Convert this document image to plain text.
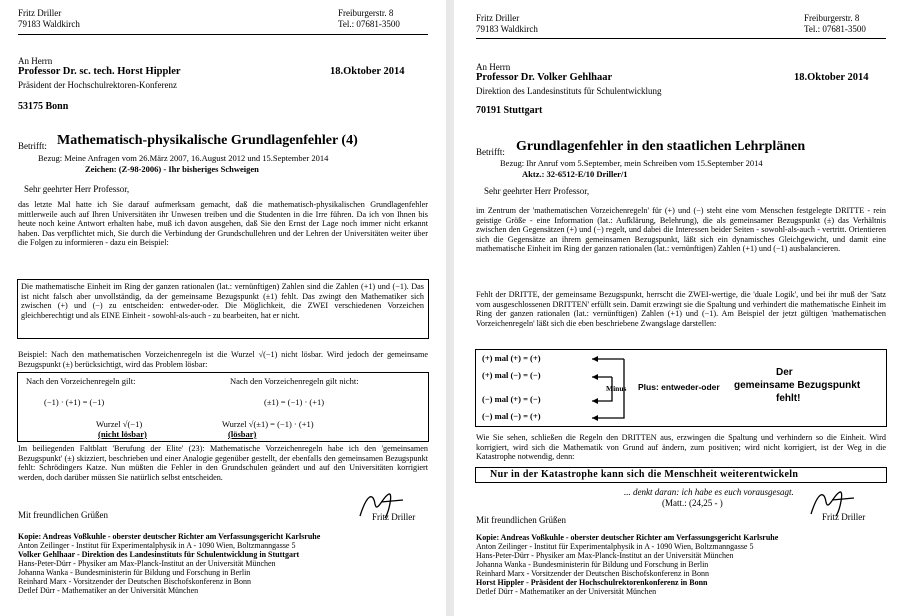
Fritz Driller
79183 Waldkirch
Freiburgerstr. 8
Tel.: 07681-3500
An Herrn
Professor Dr. sc. tech. Horst Hippler	18.Oktober 2014
Präsident der Hochschulrektoren-Konferenz
53175 Bonn
Betrifft: Mathematisch-physikalische Grundlagenfehler (4)
Bezug: Meine Anfragen vom 26.März 2007, 16.August 2012 und 15.September 2014
Zeichen: (Z-98-2006) - Ihr bisheriges Schweigen
Sehr geehrter Herr Professor,
das letzte Mal hatte ich Sie darauf aufmerksam gemacht, daß die mathematisch-physikalischen Grundlagenfehler mittlerweile auch auf Ihren Universitäten ihr Unwesen treiben und die Studenten in die Irre führen. Da ich von Ihnen bis heute noch keine Antwort erhalten habe, muß ich davon ausgehen, daß Sie den Ernst der Lage noch immer nicht erkannt haben. Das verpflichtet mich, Sie durch die Verbindung der Grundschullehren und der Lehren der Universitäten weiter über die Folgen zu informieren - dazu ein Beispiel:
Die mathematische Einheit im Ring der ganzen rationalen (lat.: vernünftigen) Zahlen sind die Zahlen (+1) und (−1). Das ist nicht falsch aber unvollständig, da der gemeinsame Bezugspunkt (±1) fehlt. Das zwingt den Mathematiker sich zwischen (+) und (−) zu entscheiden: entweder-oder. Die Möglichkeit, die ZWEI verschiedenen Vorzeichen gleichberechtigt und als EINE Einheit - sowohl-als-auch - zu bearbeiten, hat er nicht.
Beispiel: Nach den mathematischen Vorzeichenregeln ist die Wurzel √(−1) nicht lösbar. Wird jedoch der gemeinsame Bezugspunkt (±) berücksichtigt, wird das Problem lösbar:
Nach den Vorzeichenregeln gilt:	Nach den Vorzeichenregeln gilt nicht:
(−1) · (+1) = (−1)	(±1) = (−1) · (+1)
Wurzel √(−1)
(nicht lösbar)
Wurzel √(±1) = (−1) · (+1)
(lösbar)
Im beiliegenden Faltblatt 'Berufung der Elite' (23): Mathematische Vorzeichenregeln habe ich den 'gemeinsamen Bezugspunkt' (±) skizziert, beschrieben und einer Analogie gegenüber gestellt, der ebenfalls den gemeinsamen Bezugspunkt fehlt: Schrödingers Katze. Nun müßten die Fehler in den Grundschulen geändert und auf den Universitäten korrigiert werden, doch darüber müssen Sie natürlich selbst entscheiden.
Mit freundlichen Grüßen	Fritz Driller
Kopie: Andreas Voßkuhle - oberster deutscher Richter am Verfassungsgericht Karlsruhe
Anton Zeilinger - Institut für Experimentalphysik in A - 1090 Wien, Boltzmanngasse 5
Volker Gehlhaar - Direktion des Landesinstituts für Schulentwicklung in Stuttgart
Hans-Peter-Dürr - Physiker am Max-Planck-Institut an der Universität München
Johanna Wanka - Bundesministerin für Bildung und Forschung in Berlin
Reinhard Marx - Vorsitzender der Deutschen Bischofskonferenz in Bonn
Detlef Dürr - Mathematiker an der Universität München
Fritz Driller
79183 Waldkirch
Freiburgerstr. 8
Tel.: 07681-3500
An Herrn
Professor Dr. Volker Gehlhaar	18.Oktober 2014
Direktion des Landesinstituts für Schulentwicklung
70191 Stuttgart
Betrifft: Grundlagenfehler in den staatlichen Lehrplänen
Bezug: Ihr Anruf vom 5.September, mein Schreiben vom 15.September 2014
Aktz.: 32-6512-E/10 Driller/1
Sehr geehrter Herr Professor,
im Zentrum der 'mathematischen Vorzeichenregeln' für (+) und (−) steht eine vom Menschen festgelegte DRITTE - rein geistige Größe - eine Information (lat.: Aufklärung, Belehrung), die als gemeinsamer Bezugspunkt (±) das Verhältnis zwischen den Gegensätzen (+) und (−) regelt, und dabei die Interessen beider Seiten - sowohl-als-auch - vertritt. Orientieren sich die Gegensätze an ihrem gemeinsamen Bezugspunkt, läßt sich ein dynamisches Gleichgewicht, und damit eine mathematische Einheit im Ring der ganzen rationalen (lat.: vernünftigen) Zahlen (+1) und (−1) ausbalancieren.
Fehlt der DRITTE, der gemeinsame Bezugspunkt, herrscht die ZWEI-wertige, die 'duale Logik', und bei ihr muß der 'Satz vom ausgeschlossenen DRITTEN' erfüllt sein. Damit erzwingt sie die Spaltung und verhindert die mathematische Einheit im Ring der ganzen rationalen (lat.: vernünftigen) Zahlen (+1) und (−1). Am Beispiel der jetzt gültigen 'mathematischen Vorzeichenregeln' läßt sich die eben beschriebene Zwangslage darstellen:
(+) mal (+) = (+)
(+) mal (−) = (−)
(−) mal (+) = (−)
(−) mal (−) = (+)
Minus Plus: entweder-oder
Der
gemeinsame Bezugspunkt
fehlt!
Wie Sie sehen, schließen die Regeln den DRITTEN aus, erzwingen die Spaltung und verhindern so die Einheit. Wird korrigiert, wird sich die Mathematik von Grund auf ändern, zum positiven; wird nicht korrigiert, ist der Weg in die Katastrophe notwendig, denn:
Nur in der Katastrophe kann sich die Menschheit weiterentwickeln
... denkt daran: ich habe es euch vorausgesagt.
(Matt.: (24,25 - )
Mit freundlichen Grüßen	Fritz Driller
Kopie: Andreas Voßkuhle - oberster deutscher Richter am Verfassungsgericht Karlsruhe
Anton Zeilinger - Institut für Experimentalphysik in A - 1090 Wien, Boltzmanngasse 5
Hans-Peter-Dürr - Physiker am Max-Planck-Institut an der Universität München
Johanna Wanka - Bundesministerin für Bildung und Forschung in Berlin
Reinhard Marx - Vorsitzender der Deutschen Bischofskonferenz in Bonn
Horst Hippler - Präsident der Hochschulrektorenkonferenz in Bonn
Detlef Dürr - Mathematiker an der Universität München
